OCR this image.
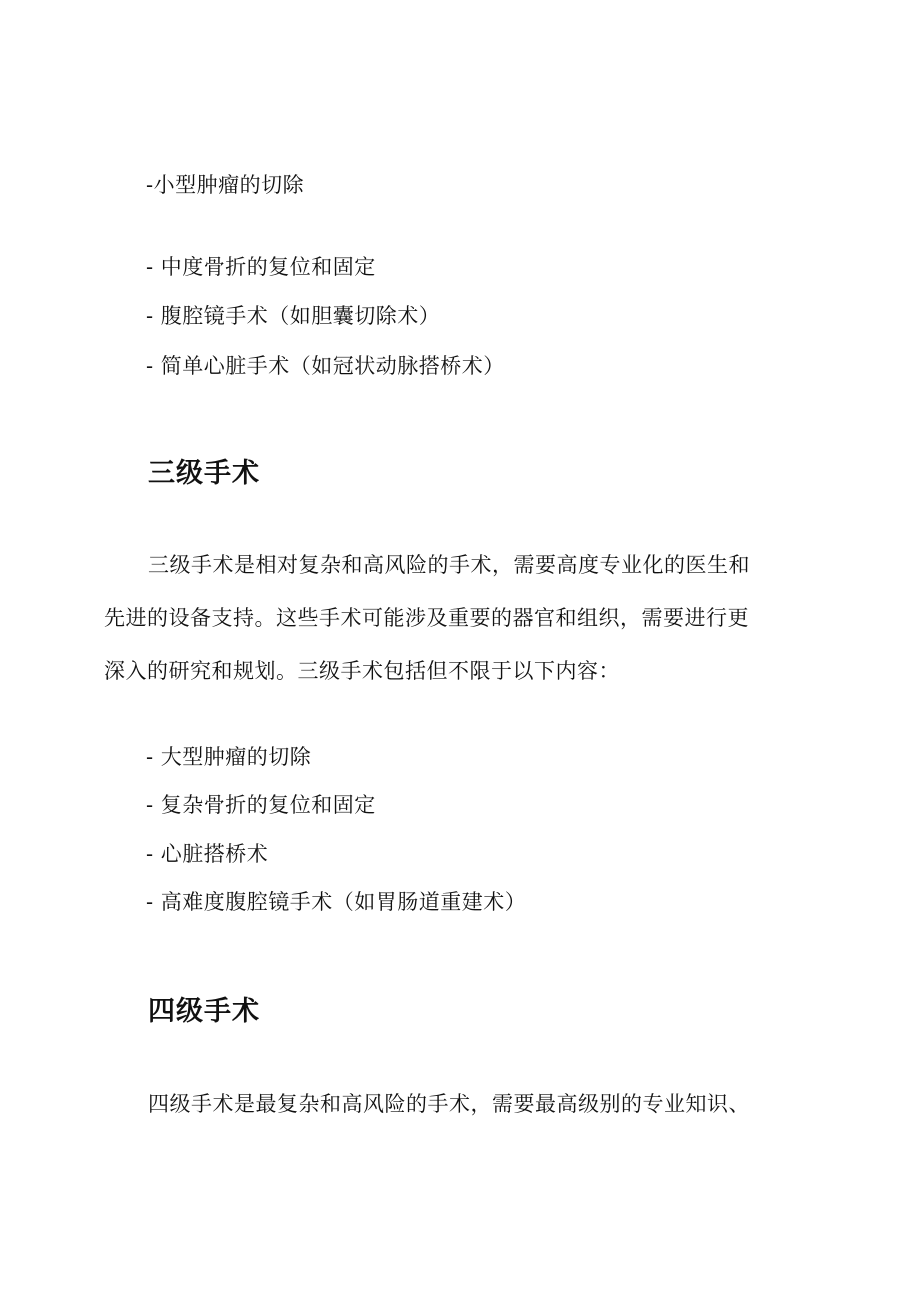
-小型肿瘤的切除
- 中度骨折的复位和固定
- 腹腔镜手术（如胆囊切除术）
- 简单心脏手术（如冠状动脉搭桥术）
三级手术
三级手术是相对复杂和高风险的手术，需要高度专业化的医生和
先进的设备支持。这些手术可能涉及重要的器官和组织，需要进行更
深入的研究和规划。三级手术包括但不限于以下内容：
- 大型肿瘤的切除
- 复杂骨折的复位和固定
- 心脏搭桥术
- 高难度腹腔镜手术（如胃肠道重建术）
四级手术
四级手术是最复杂和高风险的手术，需要最高级别的专业知识、
